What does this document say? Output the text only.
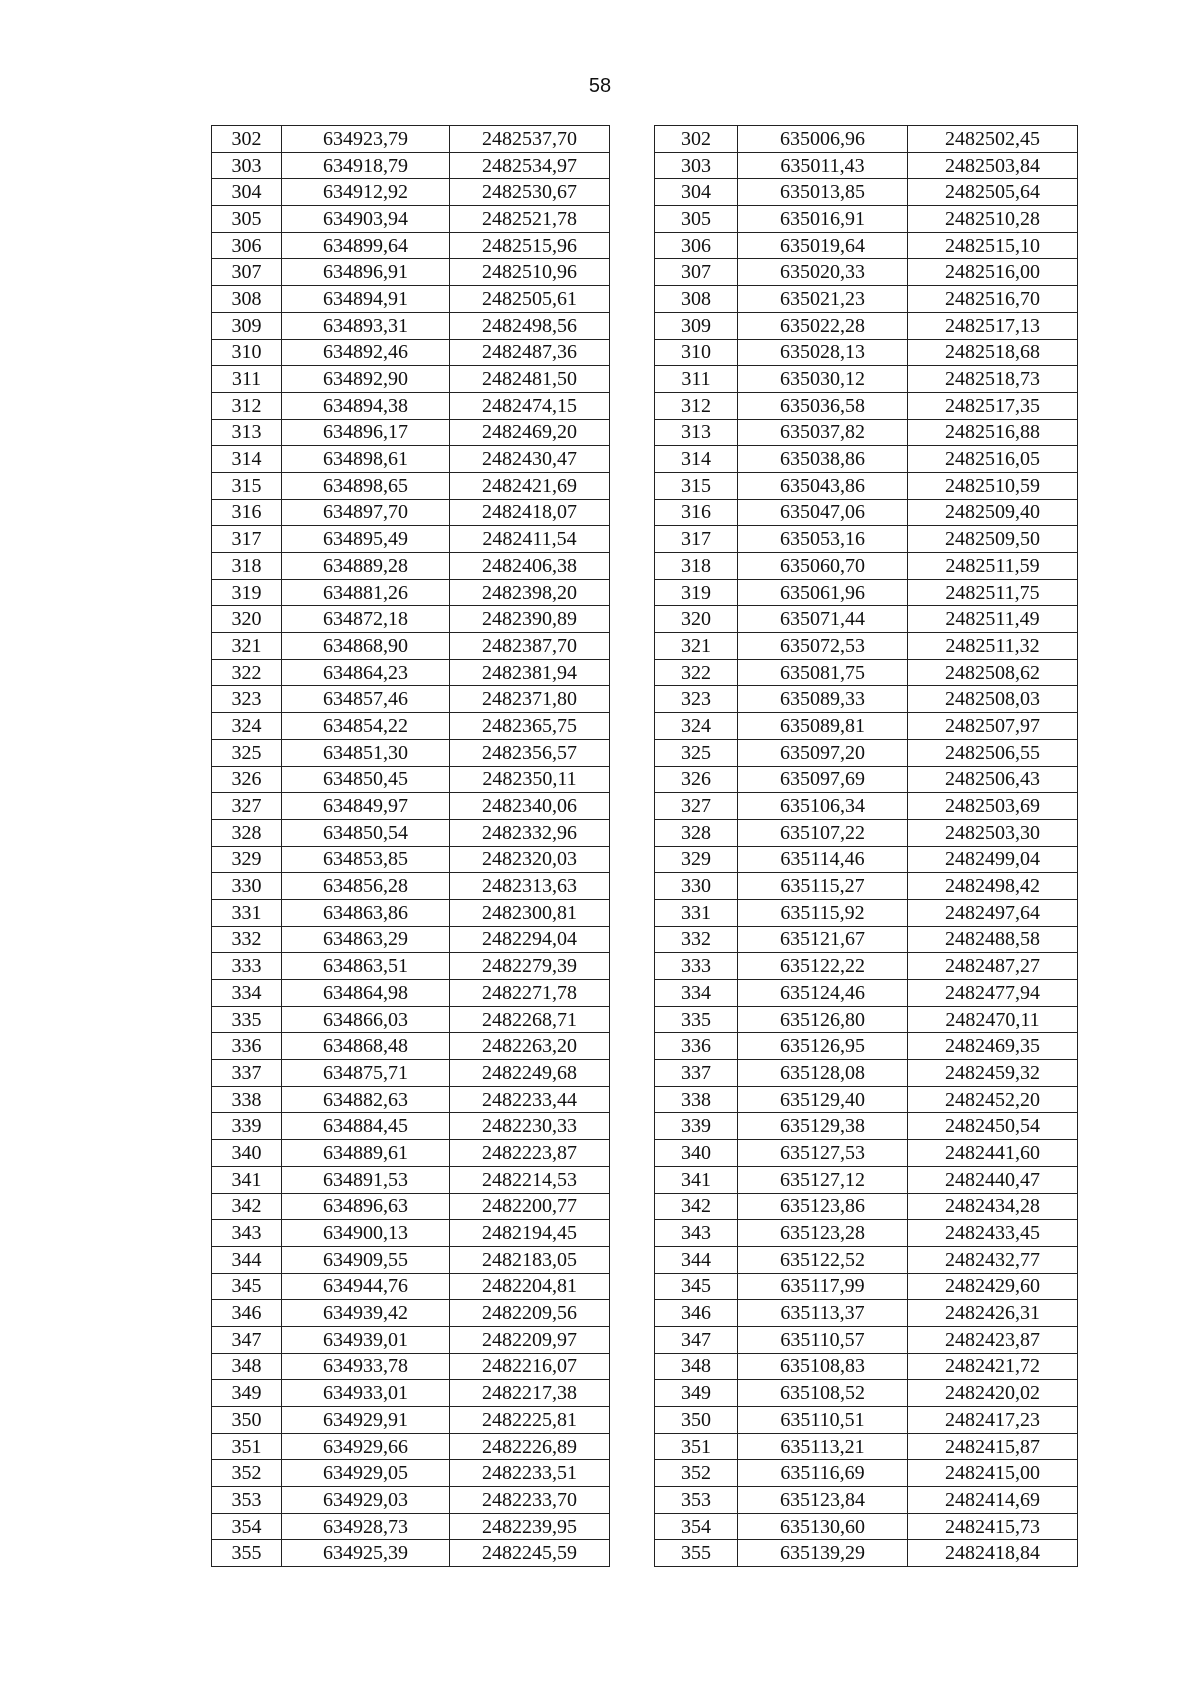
58
302	634923,79	2482537,70		302	635006,96	2482502,45
303	634918,79	2482534,97		303	635011,43	2482503,84
304	634912,92	2482530,67		304	635013,85	2482505,64
305	634903,94	2482521,78		305	635016,91	2482510,28
306	634899,64	2482515,96		306	635019,64	2482515,10
307	634896,91	2482510,96		307	635020,33	2482516,00
308	634894,91	2482505,61		308	635021,23	2482516,70
309	634893,31	2482498,56		309	635022,28	2482517,13
310	634892,46	2482487,36		310	635028,13	2482518,68
311	634892,90	2482481,50		311	635030,12	2482518,73
312	634894,38	2482474,15		312	635036,58	2482517,35
313	634896,17	2482469,20		313	635037,82	2482516,88
314	634898,61	2482430,47		314	635038,86	2482516,05
315	634898,65	2482421,69		315	635043,86	2482510,59
316	634897,70	2482418,07		316	635047,06	2482509,40
317	634895,49	2482411,54		317	635053,16	2482509,50
318	634889,28	2482406,38		318	635060,70	2482511,59
319	634881,26	2482398,20		319	635061,96	2482511,75
320	634872,18	2482390,89		320	635071,44	2482511,49
321	634868,90	2482387,70		321	635072,53	2482511,32
322	634864,23	2482381,94		322	635081,75	2482508,62
323	634857,46	2482371,80		323	635089,33	2482508,03
324	634854,22	2482365,75		324	635089,81	2482507,97
325	634851,30	2482356,57		325	635097,20	2482506,55
326	634850,45	2482350,11		326	635097,69	2482506,43
327	634849,97	2482340,06		327	635106,34	2482503,69
328	634850,54	2482332,96		328	635107,22	2482503,30
329	634853,85	2482320,03		329	635114,46	2482499,04
330	634856,28	2482313,63		330	635115,27	2482498,42
331	634863,86	2482300,81		331	635115,92	2482497,64
332	634863,29	2482294,04		332	635121,67	2482488,58
333	634863,51	2482279,39		333	635122,22	2482487,27
334	634864,98	2482271,78		334	635124,46	2482477,94
335	634866,03	2482268,71		335	635126,80	2482470,11
336	634868,48	2482263,20		336	635126,95	2482469,35
337	634875,71	2482249,68		337	635128,08	2482459,32
338	634882,63	2482233,44		338	635129,40	2482452,20
339	634884,45	2482230,33		339	635129,38	2482450,54
340	634889,61	2482223,87		340	635127,53	2482441,60
341	634891,53	2482214,53		341	635127,12	2482440,47
342	634896,63	2482200,77		342	635123,86	2482434,28
343	634900,13	2482194,45		343	635123,28	2482433,45
344	634909,55	2482183,05		344	635122,52	2482432,77
345	634944,76	2482204,81		345	635117,99	2482429,60
346	634939,42	2482209,56		346	635113,37	2482426,31
347	634939,01	2482209,97		347	635110,57	2482423,87
348	634933,78	2482216,07		348	635108,83	2482421,72
349	634933,01	2482217,38		349	635108,52	2482420,02
350	634929,91	2482225,81		350	635110,51	2482417,23
351	634929,66	2482226,89		351	635113,21	2482415,87
352	634929,05	2482233,51		352	635116,69	2482415,00
353	634929,03	2482233,70		353	635123,84	2482414,69
354	634928,73	2482239,95		354	635130,60	2482415,73
355	634925,39	2482245,59		355	635139,29	2482418,84
